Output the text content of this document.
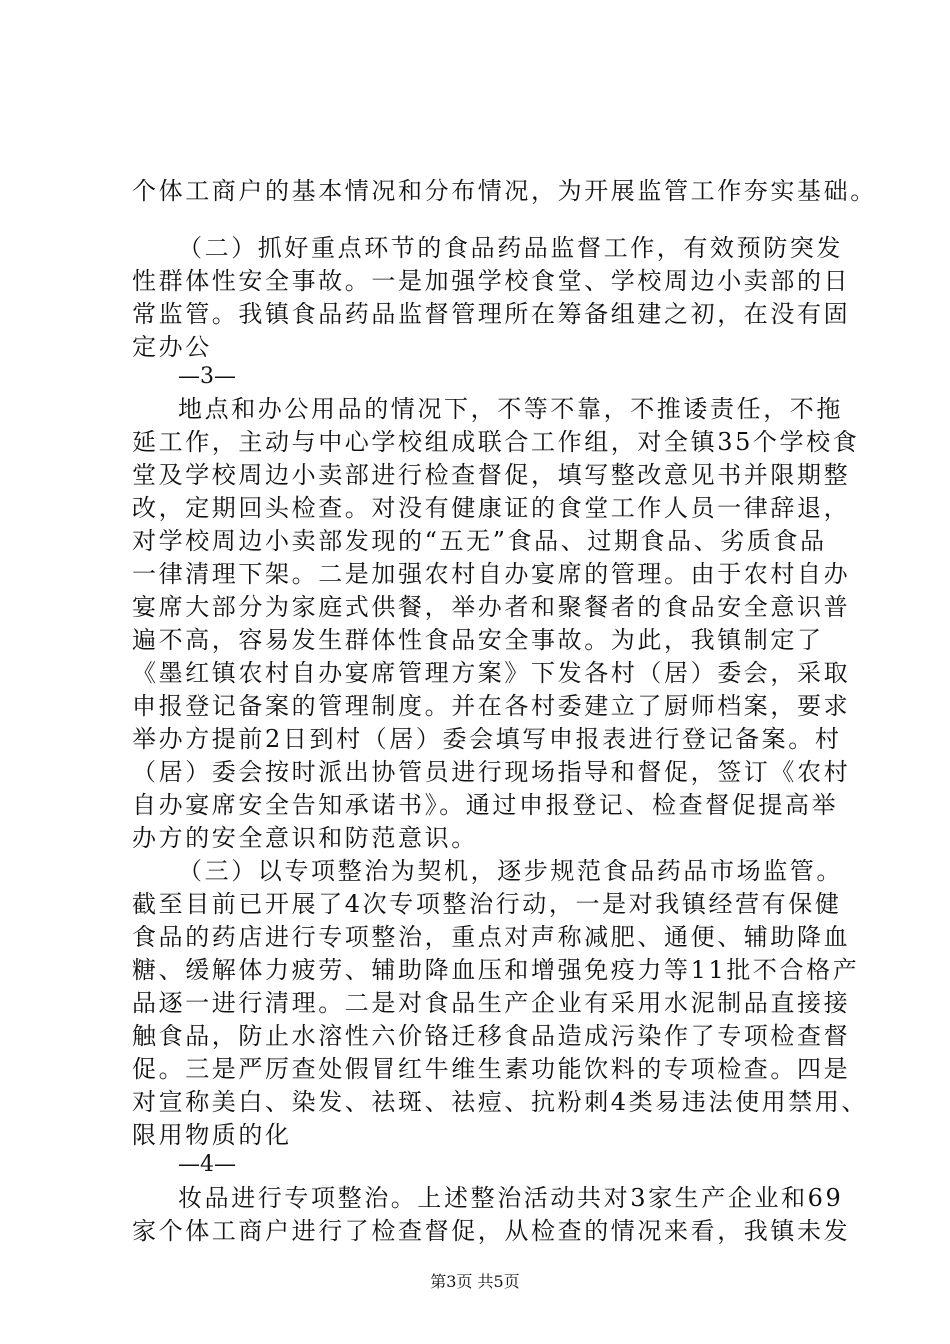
个体工商户的基本情况和分布情况，为开展监管工作夯实基础。
（二）抓好重点环节的食品药品监督工作，有效预防突发
性群体性安全事故。一是加强学校食堂、学校周边小卖部的日
常监管。我镇食品药品监督管理所在筹备组建之初，在没有固
定办公
—3—
地点和办公用品的情况下，不等不靠，不推诿责任，不拖
延工作，主动与中心学校组成联合工作组，对全镇35个学校食
堂及学校周边小卖部进行检查督促，填写整改意见书并限期整
改，定期回头检查。对没有健康证的食堂工作人员一律辞退，
对学校周边小卖部发现的“五无”食品、过期食品、劣质食品
一律清理下架。二是加强农村自办宴席的管理。由于农村自办
宴席大部分为家庭式供餐，举办者和聚餐者的食品安全意识普
遍不高，容易发生群体性食品安全事故。为此，我镇制定了
《墨红镇农村自办宴席管理方案》下发各村（居）委会，采取
申报登记备案的管理制度。并在各村委建立了厨师档案，要求
举办方提前2日到村（居）委会填写申报表进行登记备案。村
（居）委会按时派出协管员进行现场指导和督促，签订《农村
自办宴席安全告知承诺书》。通过申报登记、检查督促提高举
办方的安全意识和防范意识。
（三）以专项整治为契机，逐步规范食品药品市场监管。
截至目前已开展了4次专项整治行动，一是对我镇经营有保健
食品的药店进行专项整治，重点对声称减肥、通便、辅助降血
糖、缓解体力疲劳、辅助降血压和增强免疫力等11批不合格产
品逐一进行清理。二是对食品生产企业有采用水泥制品直接接
触食品，防止水溶性六价铬迁移食品造成污染作了专项检查督
促。三是严厉查处假冒红牛维生素功能饮料的专项检查。四是
对宣称美白、染发、祛斑、祛痘、抗粉刺4类易违法使用禁用、
限用物质的化
—4—
妆品进行专项整治。上述整治活动共对3家生产企业和69
家个体工商户进行了检查督促，从检查的情况来看，我镇未发
第3页 共5页
